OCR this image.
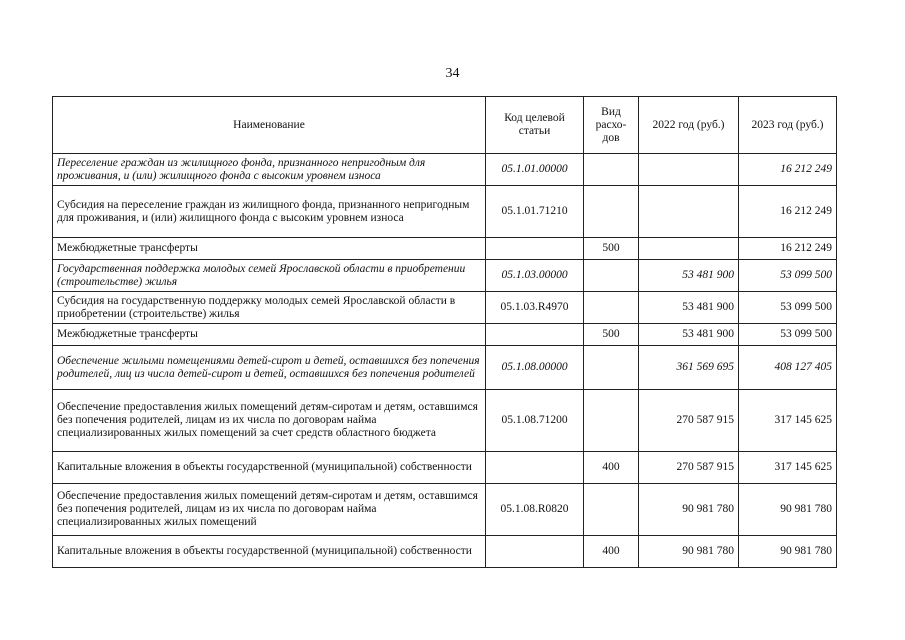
34
Наименование	Код целевой статьи	Вид расхо-дов	2022 год (руб.)	2023 год (руб.)
Переселение граждан из жилищного фонда, признанного непригодным для проживания, и (или) жилищного фонда с высоким уровнем износа	05.1.01.00000			16 212 249
Субсидия на переселение граждан из жилищного фонда, признанного непригодным для проживания, и (или) жилищного фонда с высоким уровнем износа	05.1.01.71210			16 212 249
Межбюджетные трансферты		500		16 212 249
Государственная поддержка молодых семей Ярославской области в приобретении (строительстве) жилья	05.1.03.00000		53 481 900	53 099 500
Субсидия на государственную поддержку молодых семей Ярославской области в приобретении (строительстве) жилья	05.1.03.R4970		53 481 900	53 099 500
Межбюджетные трансферты		500	53 481 900	53 099 500
Обеспечение жилыми помещениями детей-сирот и детей, оставшихся без попечения родителей, лиц из числа детей-сирот и детей, оставшихся без попечения родителей	05.1.08.00000		361 569 695	408 127 405
Обеспечение предоставления жилых помещений детям-сиротам и детям, оставшимся без попечения родителей, лицам из их числа по договорам найма специализированных жилых помещений за счет средств областного бюджета	05.1.08.71200		270 587 915	317 145 625
Капитальные вложения в объекты государственной (муниципальной) собственности		400	270 587 915	317 145 625
Обеспечение предоставления жилых помещений детям-сиротам и детям, оставшимся без попечения родителей, лицам из их числа по договорам найма специализированных жилых помещений	05.1.08.R0820		90 981 780	90 981 780
Капитальные вложения в объекты государственной (муниципальной) собственности		400	90 981 780	90 981 780
